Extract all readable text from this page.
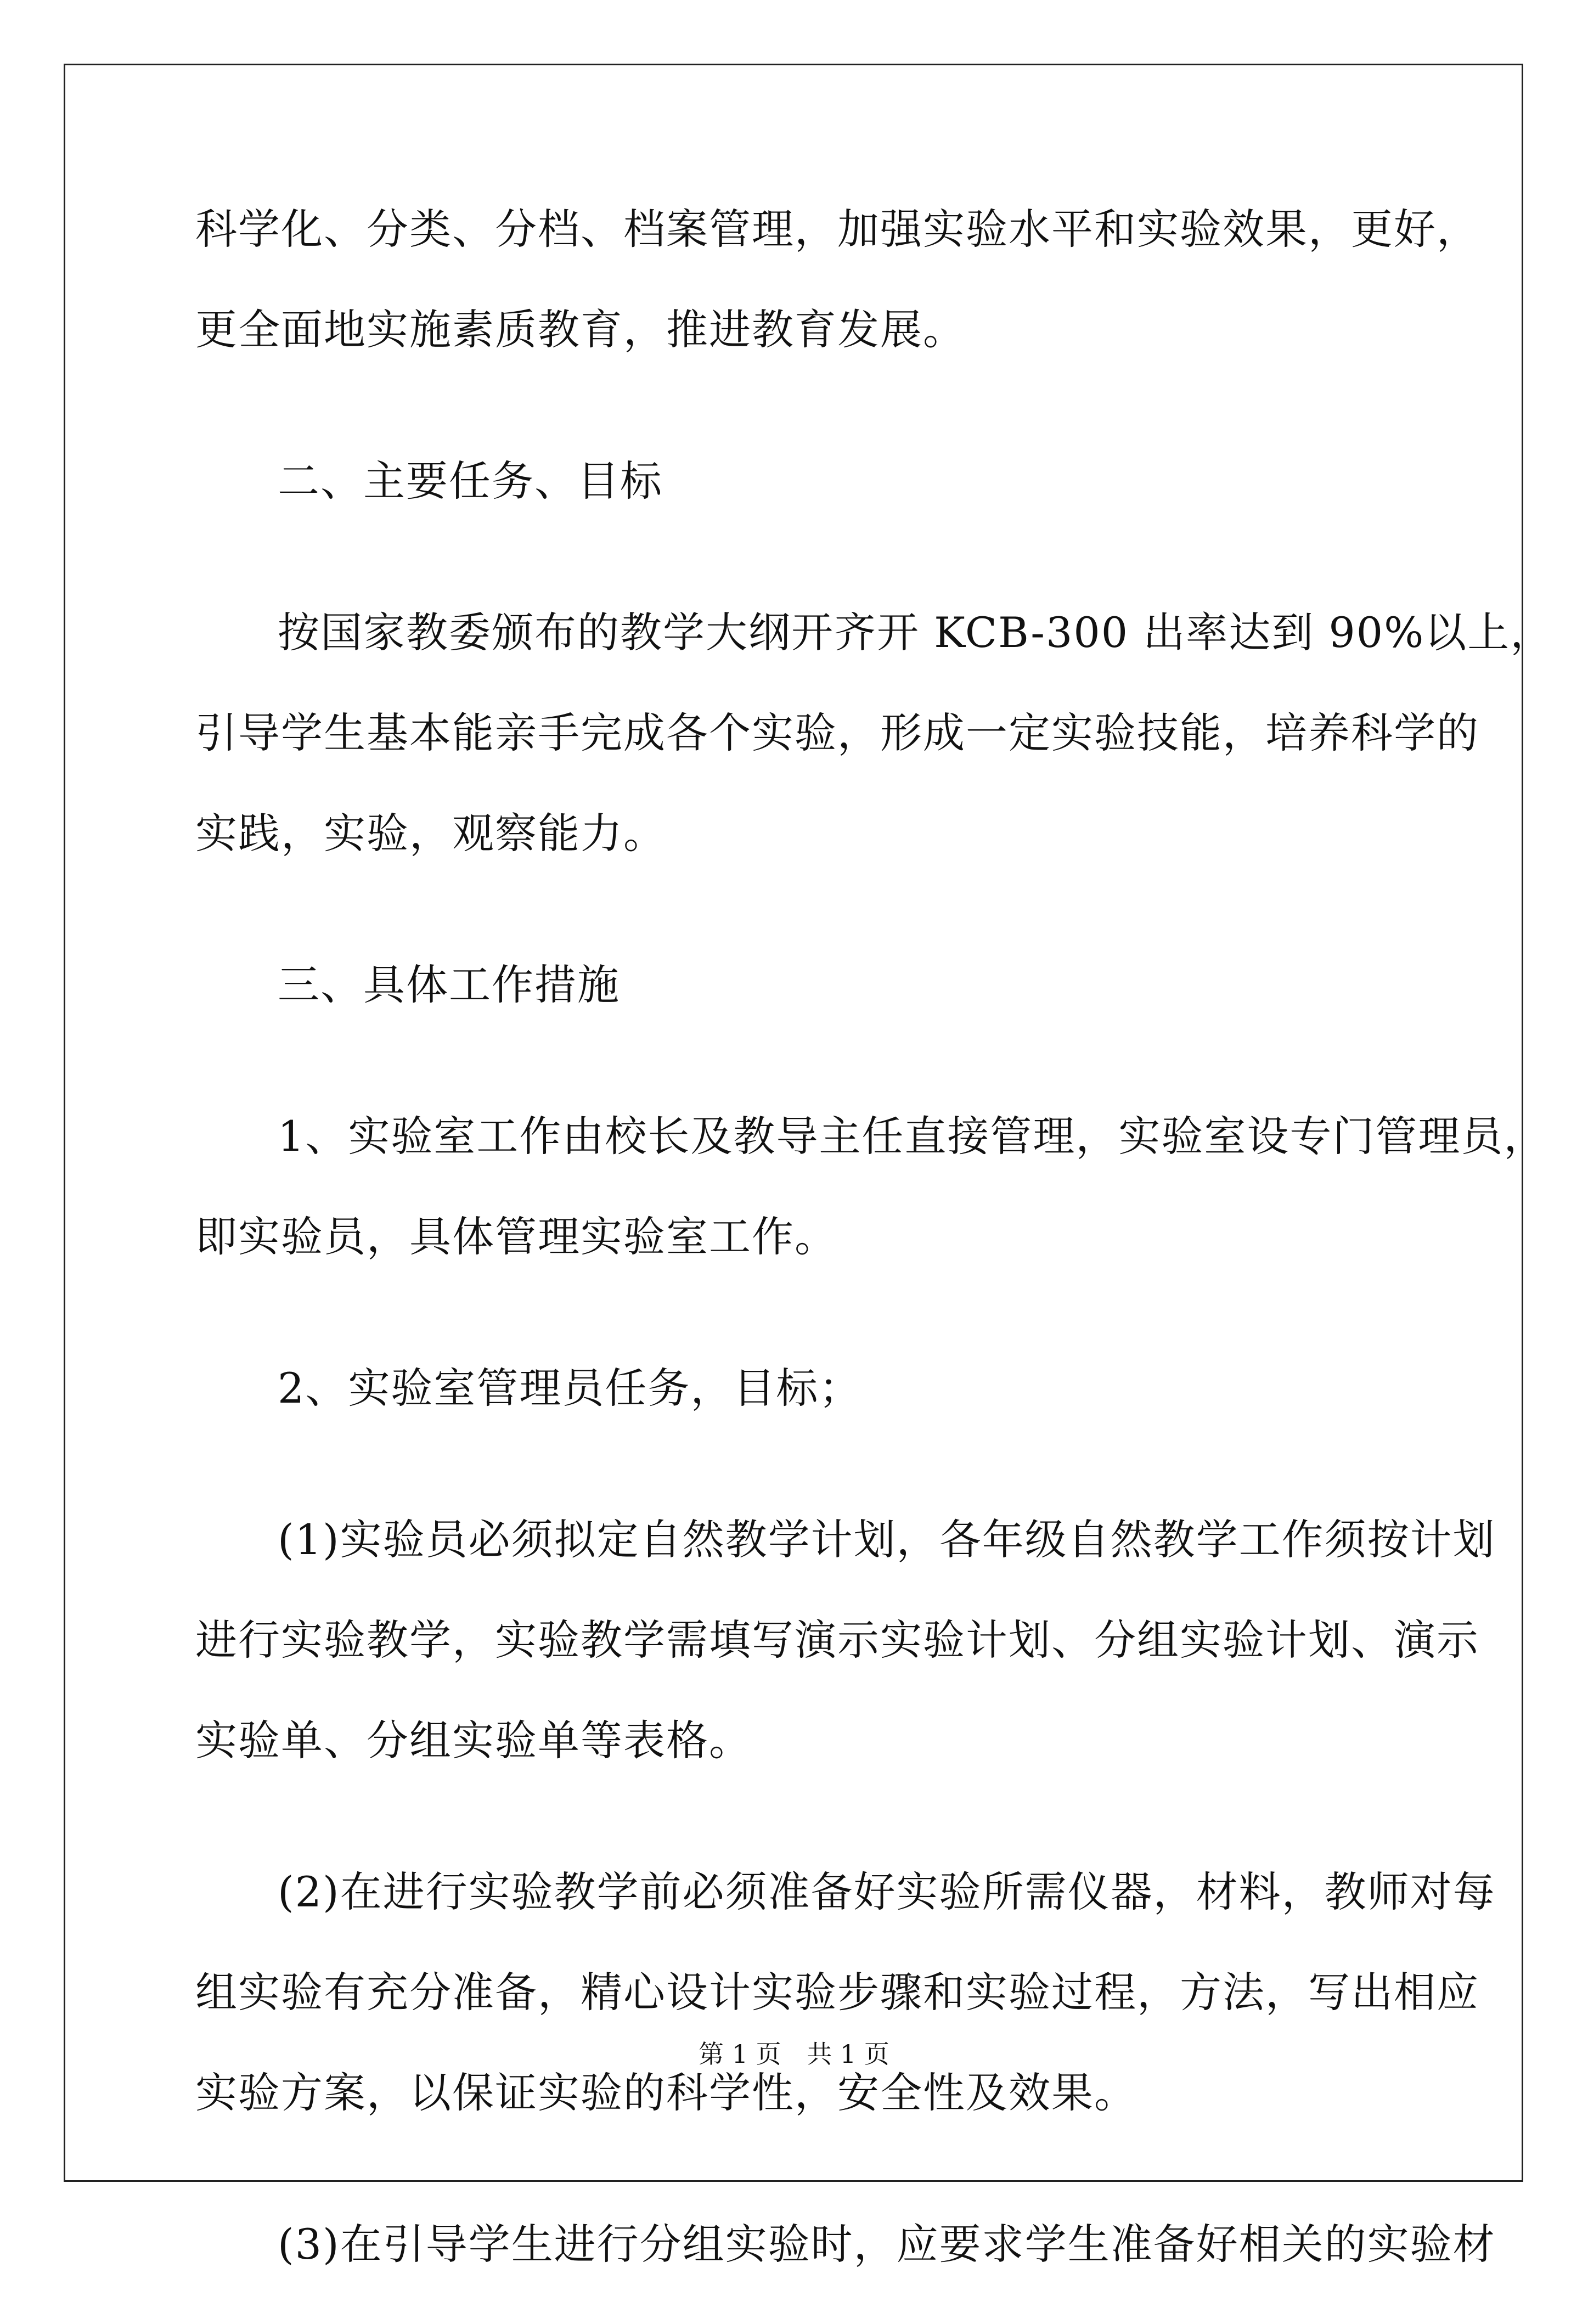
科学化、分类、分档、档案管理，加强实验水平和实验效果，更好，
更全面地实施素质教育，推进教育发展。
二、主要任务、目标
按国家教委颁布的教学大纲开齐开 KCB-300 出率达到 90%以上，
引导学生基本能亲手完成各个实验，形成一定实验技能，培养科学的
实践，实验，观察能力。
三、具体工作措施
1、实验室工作由校长及教导主任直接管理，实验室设专门管理员，
即实验员，具体管理实验室工作。
2、实验室管理员任务，目标；
(1)实验员必须拟定自然教学计划，各年级自然教学工作须按计划
进行实验教学，实验教学需填写演示实验计划、分组实验计划、演示
实验单、分组实验单等表格。
(2)在进行实验教学前必须准备好实验所需仪器，材料，教师对每
组实验有充分准备，精心设计实验步骤和实验过程，方法，写出相应
实验方案，以保证实验的科学性，安全性及效果。
(3)在引导学生进行分组实验时，应要求学生准备好相关的实验材
第 1 页 共 1 页
